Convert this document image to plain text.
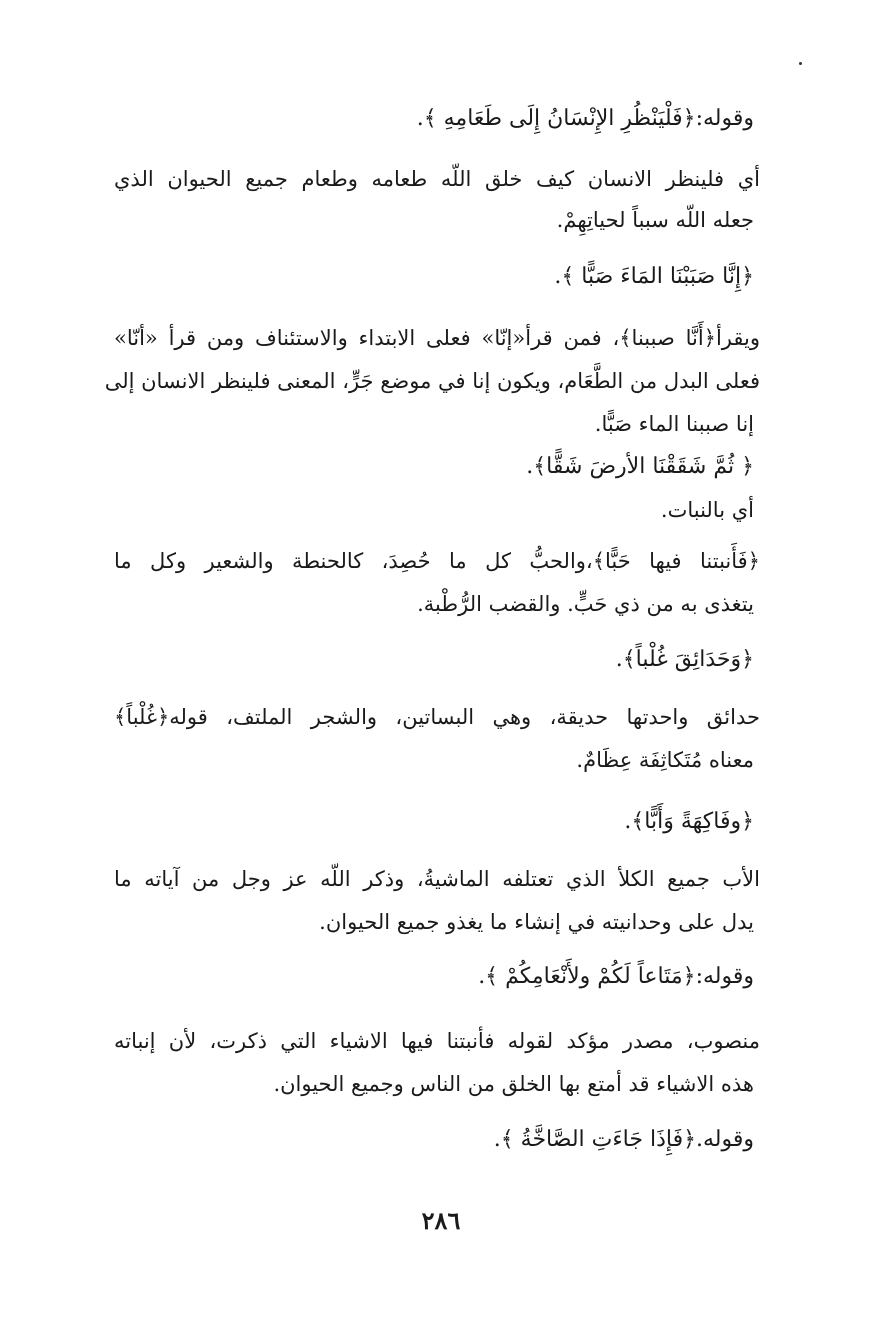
وقوله:﴿فَلْيَنْظُرِ الإِنْسَانُ إِلَى طَعَامِهِ ﴾.
أي فلينظر الانسان كيف خلق اللّه طعامه وطعام جميع الحيوان الذي
جعله اللّه سبباً لحياتِهِمْ.
﴿إِنَّا صَبَبْنَا المَاءَ صَبًّا ﴾.
ويقرأ﴿أَنَّا صببنا﴾، فمن قرأ«إنّا» فعلى الابتداء والاستئناف ومن قرأ «أنّا»
فعلى البدل من الطَّعَام، ويكون إنا في موضع جَرٍّ، المعنى فلينظر الانسان إلى
إنا صببنا الماء صَبًّا.
﴿ ثُمَّ شَقَقْنَا الأرضَ شَقًّا﴾.
أي بالنبات.
﴿فَأَنبتنا فيها حَبًّا﴾،والحبُّ كل ما حُصِدَ، كالحنطة والشعير وكل ما
يتغذى به من ذي حَبٍّ. والقضب الرُّطْبة.
﴿وَحَدَائِقَ غُلْباً﴾.
حدائق واحدتها حديقة، وهي البساتين، والشجر الملتف، قوله﴿غُلْباً﴾
معناه مُتَكاثِفَة عِظَامٌ.
﴿وفَاكِهَةً وَأَبًّا﴾.
الأب جميع الكلأ الذي تعتلفه الماشيةُ، وذكر اللّه عز وجل من آياته ما
يدل على وحدانيته في إنشاء ما يغذو جميع الحيوان.
وقوله:﴿مَتَاعاً لَكُمْ ولأَنْعَامِكُمْ ﴾.
منصوب، مصدر مؤكد لقوله فأنبتنا فيها الاشياء التي ذكرت، لأن إنباته
هذه الاشياء قد أمتع بها الخلق من الناس وجميع الحيوان.
وقوله.﴿فَإِذَا جَاءَتِ الصَّاخَّةُ ﴾.
٢٨٦
